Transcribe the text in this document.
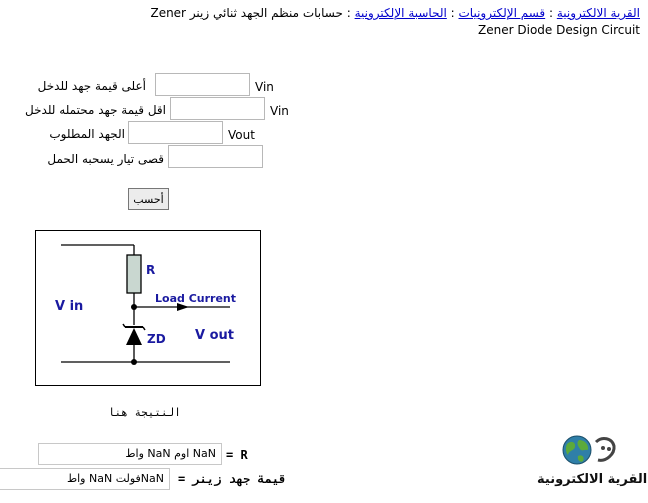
القرية الالكترونية : قسم الإلكترونيات : الحاسبة الإلكترونية : حسابات منظم الجهد ثنائي زينر Zener
Zener Diode Design Circuit
أعلى قيمة جهد للدخل	Vin
اقل قيمة جهد محتمله للدخل	Vin
الجهد المطلوب	Vout
قصى تيار يسحبه الحمل
أحسب
R
Load Current
V in
ZD V out
النتيجة هنا
NaN اوم NaN واط = R
NaNفولت NaN واط	قيمة جهد زينر =	القرية الالكترونية
